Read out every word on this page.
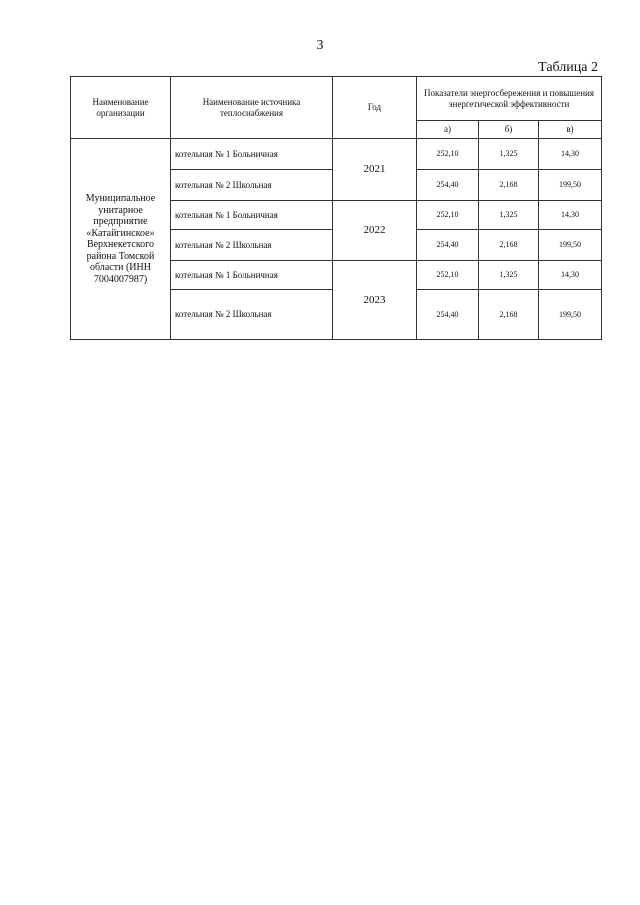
3
Таблица 2
Наименование организации	Наименование источника теплоснабжения	Год	Показатели энергосбережения и повышения энергетической эффективности		
			а)	б)	в)
Муниципальное унитарное предприятие «Катайгинское» Верхнекетского района Томской области (ИНН 7004007987)	котельная № 1 Больничная	2021	252,10	1,325	14,30
	котельная № 2 Школьная		254,40	2,168	199,50
	котельная № 1 Больничная	2022	252,10	1,325	14,30
	котельная № 2 Школьная		254,40	2,168	199,50
	котельная № 1 Больничная	2023	252,10	1,325	14,30
	котельная № 2 Школьная		254,40	2,168	199,50
